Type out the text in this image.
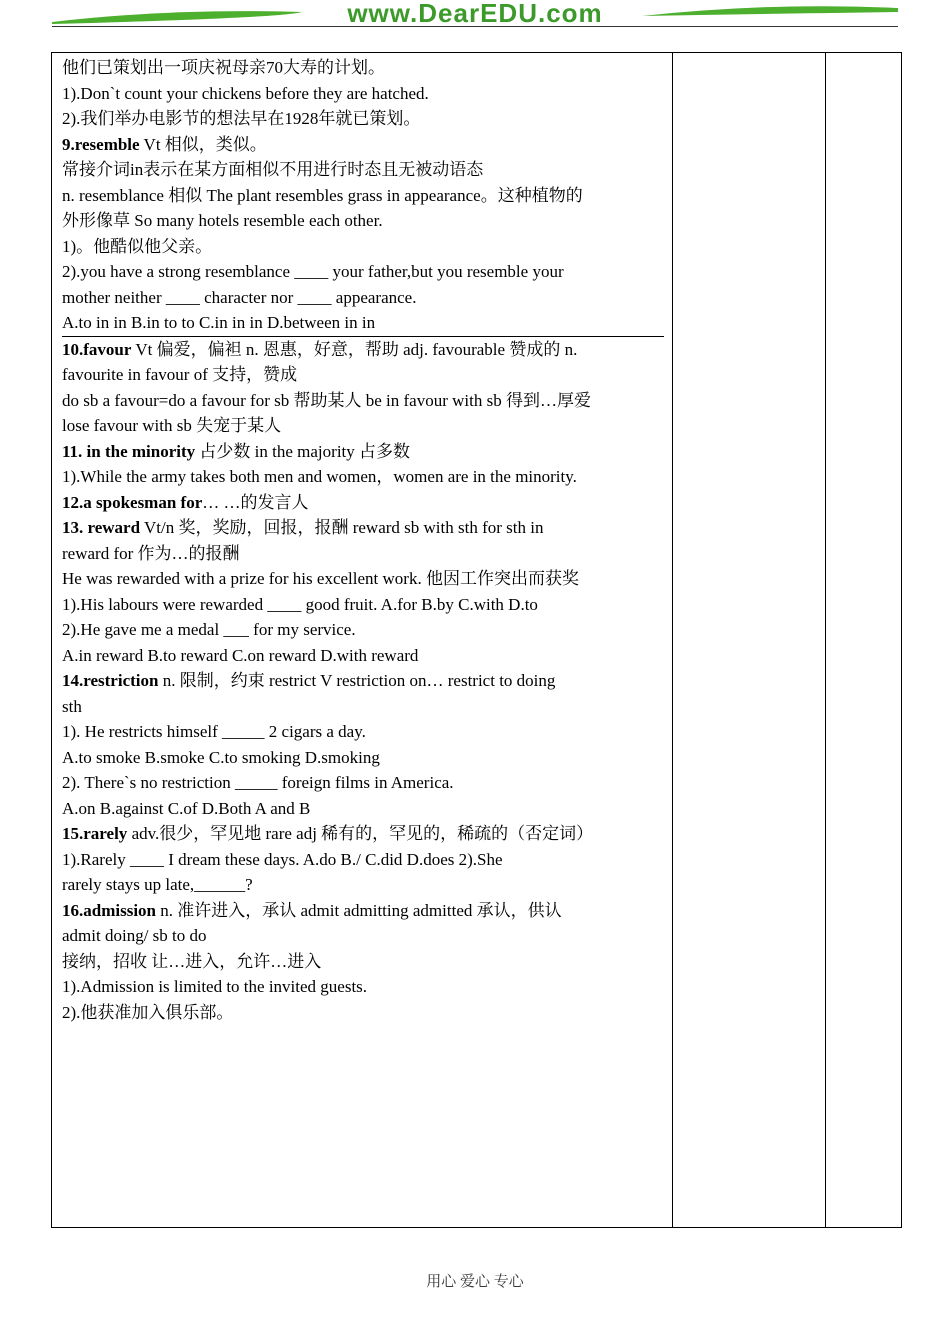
www.DearEDU.com

他们已策划出一项庆祝母亲70大寿的计划。

1).Don`t count your chickens before they are hatched.

2).我们举办电影节的想法早在1928年就已策划。

9.resemble Vt 相似，类似。

常接介词in表示在某方面相似不用进行时态且无被动语态

n. resemblance 相似 The plant resembles grass in appearance。这种植物的

外形像草 So many hotels resemble each other.

1)。他酷似他父亲。

2).you have a strong resemblance ____ your father,but you resemble your

mother neither ____ character nor ____ appearance.

A.to in in B.in to to C.in in in D.between in in

10.favour Vt 偏爱，偏袒 n. 恩惠，好意，帮助 adj. favourable 赞成的 n.

favourite in favour of 支持，赞成

do sb a favour=do a favour for sb 帮助某人 be in favour with sb 得到…厚爱

lose favour with sb 失宠于某人

11. in the minority 占少数 in the majority 占多数

1).While the army takes both men and women，women are in the minority.

12.a spokesman for… …的发言人

13. reward Vt/n 奖，奖励，回报，报酬 reward sb with sth for sth in

reward for 作为…的报酬

He was rewarded with a prize for his excellent work. 他因工作突出而获奖

1).His labours were rewarded ____ good fruit. A.for B.by C.with D.to

2).He gave me a medal ___ for my service.

A.in reward B.to reward C.on reward D.with reward

14.restriction n. 限制，约束 restrict V restriction on… restrict to doing

sth

1). He restricts himself _____ 2 cigars a day.

A.to smoke B.smoke C.to smoking D.smoking

2). There`s no restriction _____ foreign films in America.

A.on B.against C.of D.Both A and B

15.rarely adv.很少，罕见地 rare adj 稀有的，罕见的，稀疏的（否定词）

1).Rarely ____ I dream these days. A.do B./ C.did D.does 2).She

rarely stays up late,______?

16.admission n. 准许进入，承认 admit admitting admitted 承认，供认

admit doing/ sb to do

接纳，招收 让…进入，允许…进入

1).Admission is limited to the invited guests.

2).他获准加入俱乐部。

用心 爱心 专心
